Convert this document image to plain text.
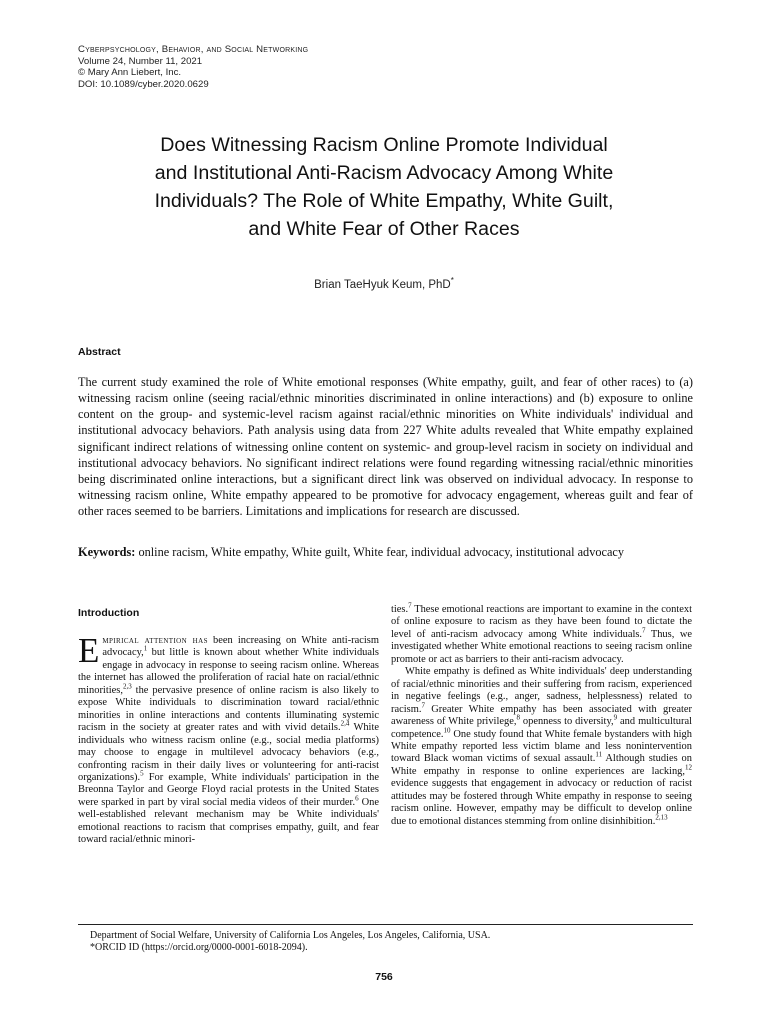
Cyberpsychology, Behavior, and Social Networking
Volume 24, Number 11, 2021
© Mary Ann Liebert, Inc.
DOI: 10.1089/cyber.2020.0629
Does Witnessing Racism Online Promote Individual
and Institutional Anti-Racism Advocacy Among White
Individuals? The Role of White Empathy, White Guilt,
and White Fear of Other Races
Brian TaeHyuk Keum, PhD*
Abstract

The current study examined the role of White emotional responses (White empathy, guilt, and fear of other races) to (a) witnessing racism online (seeing racial/ethnic minorities discriminated in online interactions) and (b) exposure to online content on the group- and systemic-level racism against racial/ethnic minorities on White individuals' individual and institutional advocacy behaviors. Path analysis using data from 227 White adults revealed that White empathy explained significant indirect relations of witnessing online content on systemic- and group-level racism in society on individual and institutional advocacy behaviors. No significant indirect relations were found regarding witnessing racial/ethnic minorities being discriminated online interactions, but a significant direct link was observed on individual advocacy. In response to witnessing racism online, White empathy appeared to be promotive for advocacy engagement, whereas guilt and fear of other races seemed to be barriers. Limitations and implications for research are discussed.

Keywords: online racism, White empathy, White guilt, White fear, individual advocacy, institutional advocacy
Introduction

Empirical attention has been increasing on White anti-racism advocacy,$^1$ but little is known about whether White individuals engage in advocacy in response to seeing racism online. Whereas the internet has allowed the proliferation of racial hate on racial/ethnic minorities,$^{2,3}$ the pervasive presence of online racism is also likely to expose White individuals to discrimination toward racial/ethnic minorities in online interactions and contents illuminating systemic racism in the society at greater rates and with vivid details.$^{2,4}$ White individuals who witness racism online (e.g., social media platforms) may choose to engage in multilevel advocacy behaviors (e.g., confronting racism in their daily lives or volunteering for anti-racist organizations).$^5$ For example, White individuals' participation in the Breonna Taylor and George Floyd racial protests in the United States were sparked in part by viral social media videos of their murder.$^6$ One well-established relevant mechanism may be White individuals' emotional reactions to racism that comprises empathy, guilt, and fear toward racial/ethnic minori-

ties.$^7$ These emotional reactions are important to examine in the context of online exposure to racism as they have been found to dictate the level of anti-racism advocacy among White individuals.$^7$ Thus, we investigated whether White emotional reactions to seeing racism online promote or act as barriers to their anti-racism advocacy.

White empathy is defined as White individuals' deep understanding of racial/ethnic minorities and their suffering from racism, experienced in negative feelings (e.g., anger, sadness, helplessness) related to racism.$^7$ Greater White empathy has been associated with greater awareness of White privilege,$^8$ openness to diversity,$^9$ and multicultural competence.$^{10}$ One study found that White female bystanders with high White empathy reported less victim blame and less nonintervention toward Black woman victims of sexual assault.$^{11}$ Although studies on White empathy in response to online experiences are lacking,$^{12}$ evidence suggests that engagement in advocacy or reduction of racist attitudes may be fostered through White empathy in response to seeing racism online. However, empathy may be difficult to develop online due to emotional distances stemming from online disinhibition.$^{2,13}$

Department of Social Welfare, University of California Los Angeles, Los Angeles, California, USA.
*ORCID ID (https://orcid.org/0000-0001-6018-2094).
756
